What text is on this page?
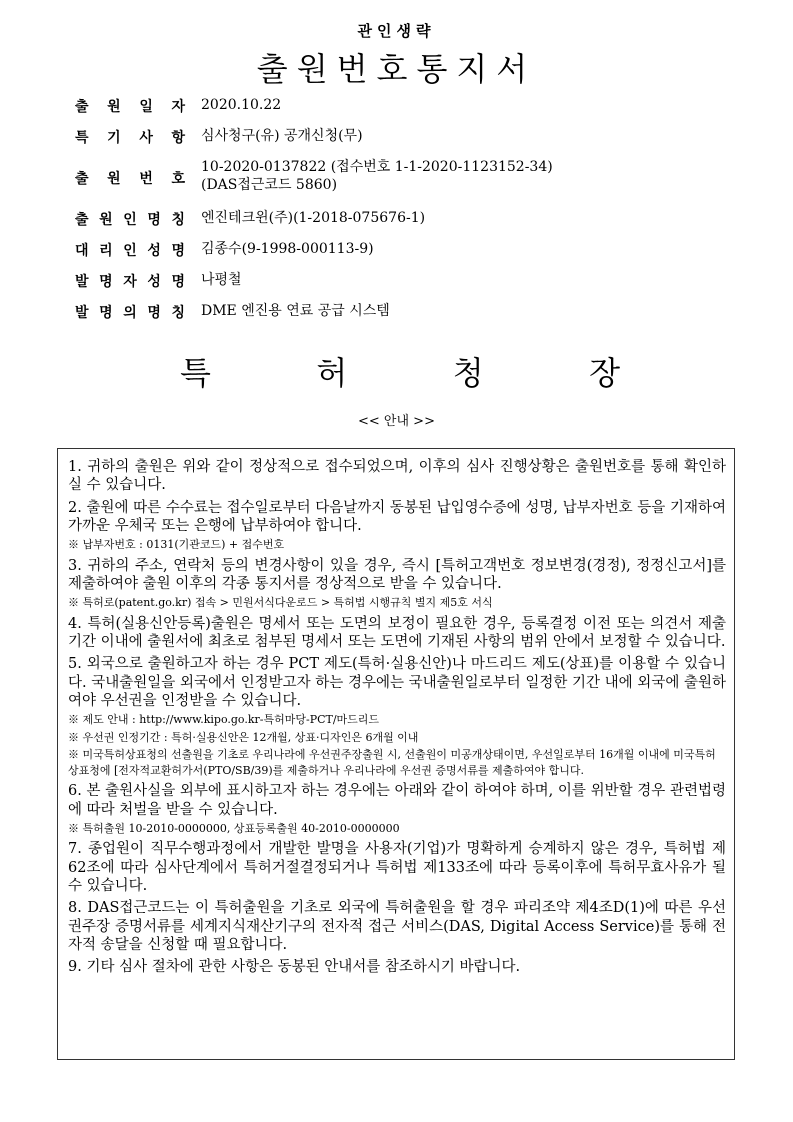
관인생략
출원번호통지서
출 원 일 자 2020.10.22
특 기 사 항 심사청구(유) 공개신청(무)
출 원 번 호
10-2020-0137822 (접수번호 1-1-2020-1123152-34)
(DAS접근코드 5860)
출 원 인 명 칭 엔진테크윈(주)(1-2018-075676-1)
대 리 인 성 명 김종수(9-1998-000113-9)
발 명 자 성 명 나평철
발 명 의 명 칭 DME 엔진용 연료 공급 시스템
특	허	청	장
<< 안내 >>
1. 귀하의 출원은 위와 같이 정상적으로 접수되었으며, 이후의 심사 진행상황은 출원번호를 통해 확인하실 수 있습니다.
2. 출원에 따른 수수료는 접수일로부터 다음날까지 동봉된 납입영수증에 성명, 납부자번호 등을 기재하여 가까운 우체국 또는 은행에 납부하여야 합니다.
※ 납부자번호 : 0131(기관코드) + 접수번호
3. 귀하의 주소, 연락처 등의 변경사항이 있을 경우, 즉시 [특허고객번호 정보변경(경정), 정정신고서]를 제출하여야 출원 이후의 각종 통지서를 정상적으로 받을 수 있습니다.
※ 특허로(patent.go.kr) 접속 > 민원서식다운로드 > 특허법 시행규칙 별지 제5호 서식
4. 특허(실용신안등록)출원은 명세서 또는 도면의 보정이 필요한 경우, 등록결정 이전 또는 의견서 제출기간 이내에 출원서에 최초로 첨부된 명세서 또는 도면에 기재된 사항의 범위 안에서 보정할 수 있습니다.
5. 외국으로 출원하고자 하는 경우 PCT 제도(특허·실용신안)나 마드리드 제도(상표)를 이용할 수 있습니다. 국내출원일을 외국에서 인정받고자 하는 경우에는 국내출원일로부터 일정한 기간 내에 외국에 출원하여야 우선권을 인정받을 수 있습니다.
※ 제도 안내 : http://www.kipo.go.kr-특허마당-PCT/마드리드
※ 우선권 인정기간 : 특허·실용신안은 12개월, 상표·디자인은 6개월 이내
※ 미국특허상표청의 선출원을 기초로 우리나라에 우선권주장출원 시, 선출원이 미공개상태이면, 우선일로부터 16개월 이내에 미국특허상표청에 [전자적교환허가서(PTO/SB/39)를 제출하거나 우리나라에 우선권 증명서류를 제출하여야 합니다.
6. 본 출원사실을 외부에 표시하고자 하는 경우에는 아래와 같이 하여야 하며, 이를 위반할 경우 관련법령에 따라 처벌을 받을 수 있습니다.
※ 특허출원 10-2010-0000000, 상표등록출원 40-2010-0000000
7. 종업원이 직무수행과정에서 개발한 발명을 사용자(기업)가 명확하게 승계하지 않은 경우, 특허법 제62조에 따라 심사단계에서 특허거절결정되거나 특허법 제133조에 따라 등록이후에 특허무효사유가 될 수 있습니다.
8. DAS접근코드는 이 특허출원을 기초로 외국에 특허출원을 할 경우 파리조약 제4조D(1)에 따른 우선권주장 증명서류를 세계지식재산기구의 전자적 접근 서비스(DAS, Digital Access Service)를 통해 전자적 송달을 신청할 때 필요합니다.
9. 기타 심사 절차에 관한 사항은 동봉된 안내서를 참조하시기 바랍니다.
